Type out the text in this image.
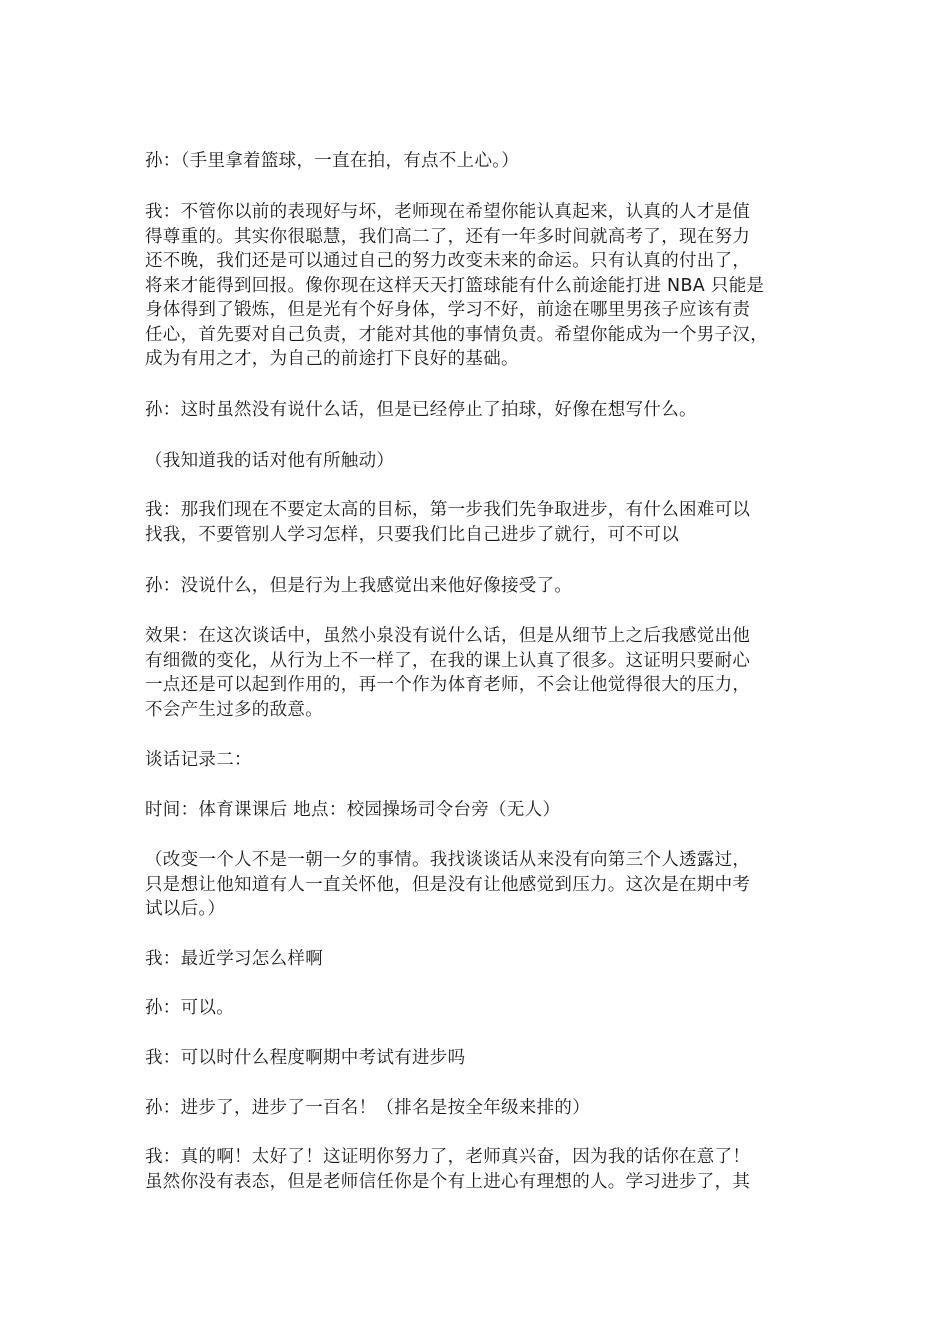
孙：（手里拿着篮球，一直在拍，有点不上心。）

我：不管你以前的表现好与坏，老师现在希望你能认真起来，认真的人才是值
得尊重的。其实你很聪慧，我们高二了，还有一年多时间就高考了，现在努力
还不晚，我们还是可以通过自己的努力改变未来的命运。只有认真的付出了，
将来才能得到回报。像你现在这样天天打篮球能有什么前途能打进 NBA 只能是
身体得到了锻炼，但是光有个好身体，学习不好，前途在哪里男孩子应该有责
任心，首先要对自己负责，才能对其他的事情负责。希望你能成为一个男子汉，
成为有用之才，为自己的前途打下良好的基础。

孙：这时虽然没有说什么话，但是已经停止了拍球，好像在想写什么。

（我知道我的话对他有所触动）

我：那我们现在不要定太高的目标，第一步我们先争取进步，有什么困难可以
找我，不要管别人学习怎样，只要我们比自己进步了就行，可不可以

孙：没说什么，但是行为上我感觉出来他好像接受了。

效果：在这次谈话中，虽然小泉没有说什么话，但是从细节上之后我感觉出他
有细微的变化，从行为上不一样了，在我的课上认真了很多。这证明只要耐心
一点还是可以起到作用的，再一个作为体育老师，不会让他觉得很大的压力，
不会产生过多的敌意。

谈话记录二：

时间：体育课课后 地点：校园操场司令台旁（无人）

（改变一个人不是一朝一夕的事情。我找谈谈话从来没有向第三个人透露过，
只是想让他知道有人一直关怀他，但是没有让他感觉到压力。这次是在期中考
试以后。）

我：最近学习怎么样啊

孙：可以。

我：可以时什么程度啊期中考试有进步吗

孙：进步了，进步了一百名！（排名是按全年级来排的）

我：真的啊！太好了！这证明你努力了，老师真兴奋，因为我的话你在意了！
虽然你没有表态，但是老师信任你是个有上进心有理想的人。学习进步了，其
